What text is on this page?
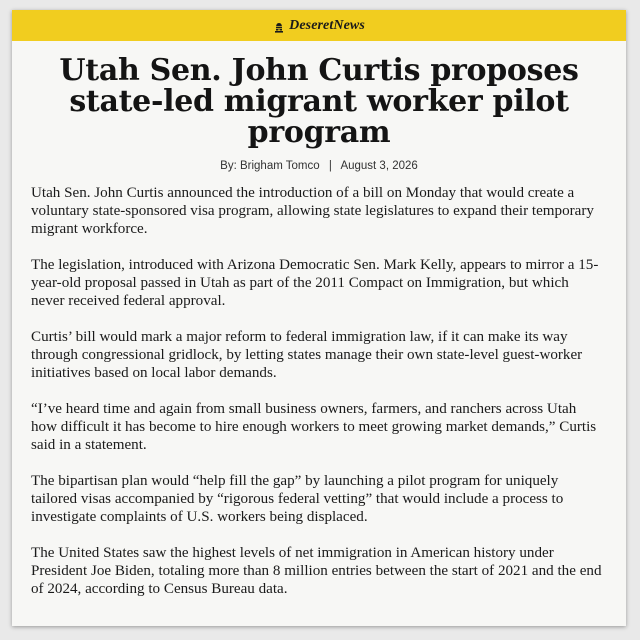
DeseretNews
Utah Sen. John Curtis proposes state-led migrant worker pilot program
By: Brigham Tomco | August 3, 2026

Utah Sen. John Curtis announced the introduction of a bill on Monday that would create a voluntary state-sponsored visa program, allowing state legislatures to expand their temporary migrant workforce.

The legislation, introduced with Arizona Democratic Sen. Mark Kelly, appears to mirror a 15-year-old proposal passed in Utah as part of the 2011 Compact on Immigration, but which never received federal approval.

Curtis’ bill would mark a major reform to federal immigration law, if it can make its way through congressional gridlock, by letting states manage their own state-level guest-worker initiatives based on local labor demands.

“I’ve heard time and again from small business owners, farmers, and ranchers across Utah how difficult it has become to hire enough workers to meet growing market demands,” Curtis said in a statement.

The bipartisan plan would “help fill the gap” by launching a pilot program for uniquely tailored visas accompanied by “rigorous federal vetting” that would include a process to investigate complaints of U.S. workers being displaced.

The United States saw the highest levels of net immigration in American history under President Joe Biden, totaling more than 8 million entries between the start of 2021 and the end of 2024, according to Census Bureau data.
